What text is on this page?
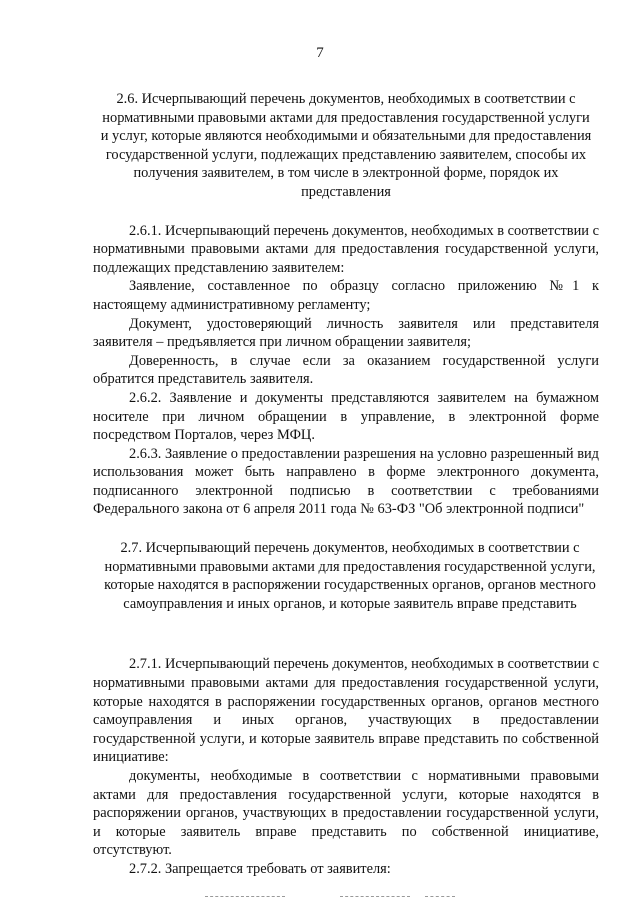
7
2.6. Исчерпывающий перечень документов, необходимых в соответствии с нормативными правовыми актами для предоставления государственной услуги и услуг, которые являются необходимыми и обязательными для предоставления государственной услуги, подлежащих представлению заявителем, способы их получения заявителем, в том числе в электронной форме, порядок их представления

2.6.1. Исчерпывающий перечень документов, необходимых в соответствии с нормативными правовыми актами для предоставления государственной услуги, подлежащих представлению заявителем:

Заявление, составленное по образцу согласно приложению №1 к настоящему административному регламенту;

Документ, удостоверяющий личность заявителя или представителя заявителя – предъявляется при личном обращении заявителя;

Доверенность, в случае если за оказанием государственной услуги обратится представитель заявителя.

2.6.2. Заявление и документы представляются заявителем на бумажном носителе при личном обращении в управление, в электронной форме посредством Порталов, через МФЦ.

2.6.3. Заявление о предоставлении разрешения на условно разрешенный вид использования может быть направлено в форме электронного документа, подписанного электронной подписью в соответствии с требованиями Федерального закона от 6 апреля 2011 года № 63-ФЗ "Об электронной подписи"

2.7. Исчерпывающий перечень документов, необходимых в соответствии с нормативными правовыми актами для предоставления государственной услуги, которые находятся в распоряжении государственных органов, органов местного самоуправления и иных органов, и которые заявитель вправе представить

2.7.1. Исчерпывающий перечень документов, необходимых в соответствии с нормативными правовыми актами для предоставления государственной услуги, которые находятся в распоряжении государственных органов, органов местного самоуправления и иных органов, участвующих в предоставлении государственной услуги, и которые заявитель вправе представить по собственной инициативе:

документы, необходимые в соответствии с нормативными правовыми актами для предоставления государственной услуги, которые находятся в распоряжении органов, участвующих в предоставлении государственной услуги, и которые заявитель вправе представить по собственной инициативе, отсутствуют.

2.7.2. Запрещается требовать от заявителя:
